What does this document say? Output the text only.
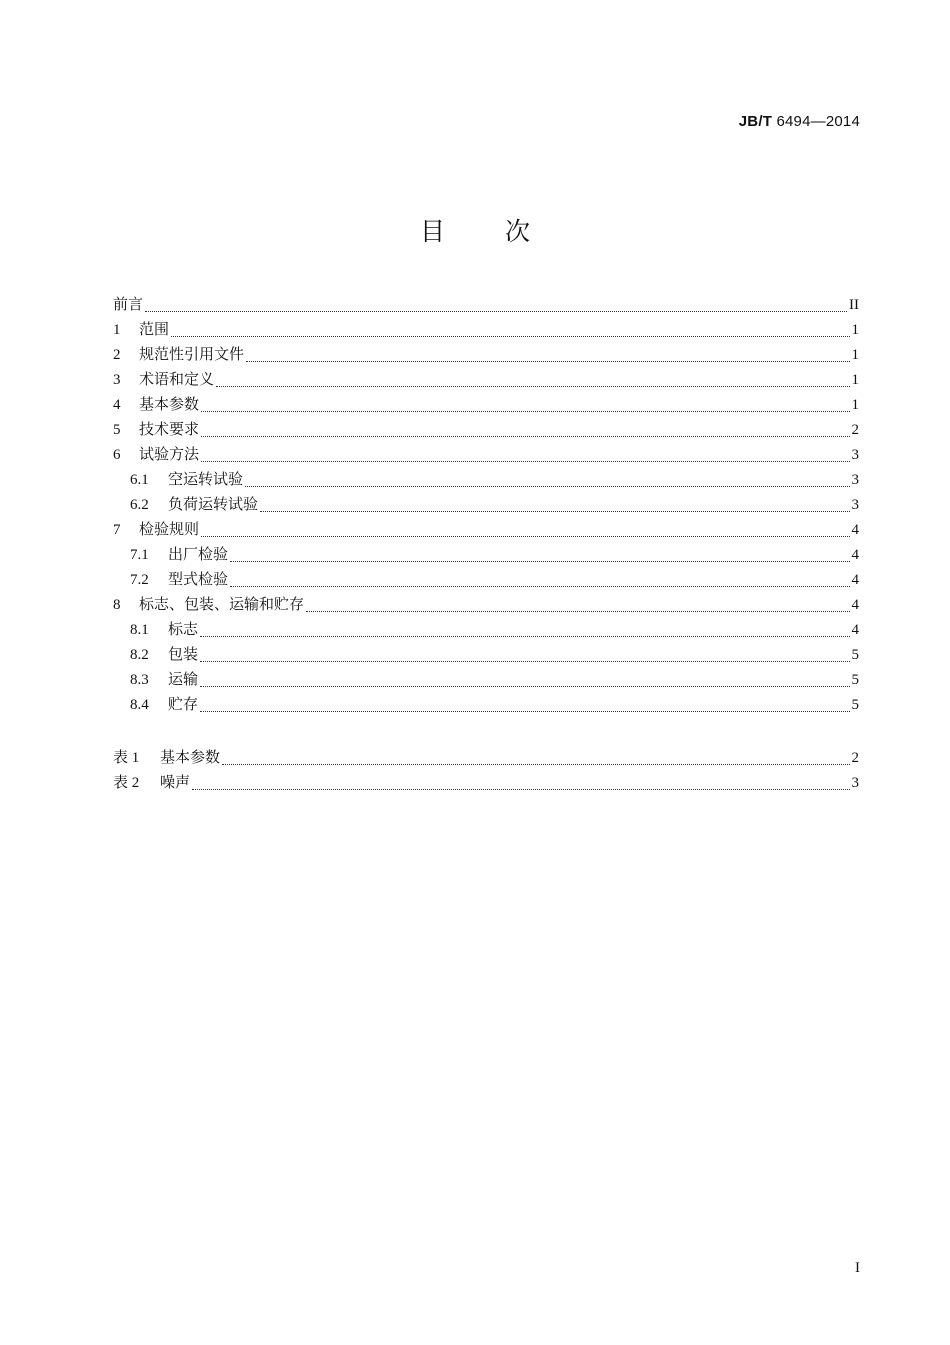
JB/T 6494—2014
目次
前言	II
1	范围	1
2	规范性引用文件	1
3	术语和定义	1
4	基本参数	1
5	技术要求	2
6	试验方法	3
6.1	空运转试验	3
6.2	负荷运转试验	3
7	检验规则	4
7.1	出厂检验	4
7.2	型式检验	4
8	标志、包装、运输和贮存	4
8.1	标志	4
8.2	包装	5
8.3	运输	5
8.4	贮存	5
表 1	基本参数	2
表 2	噪声	3
I
